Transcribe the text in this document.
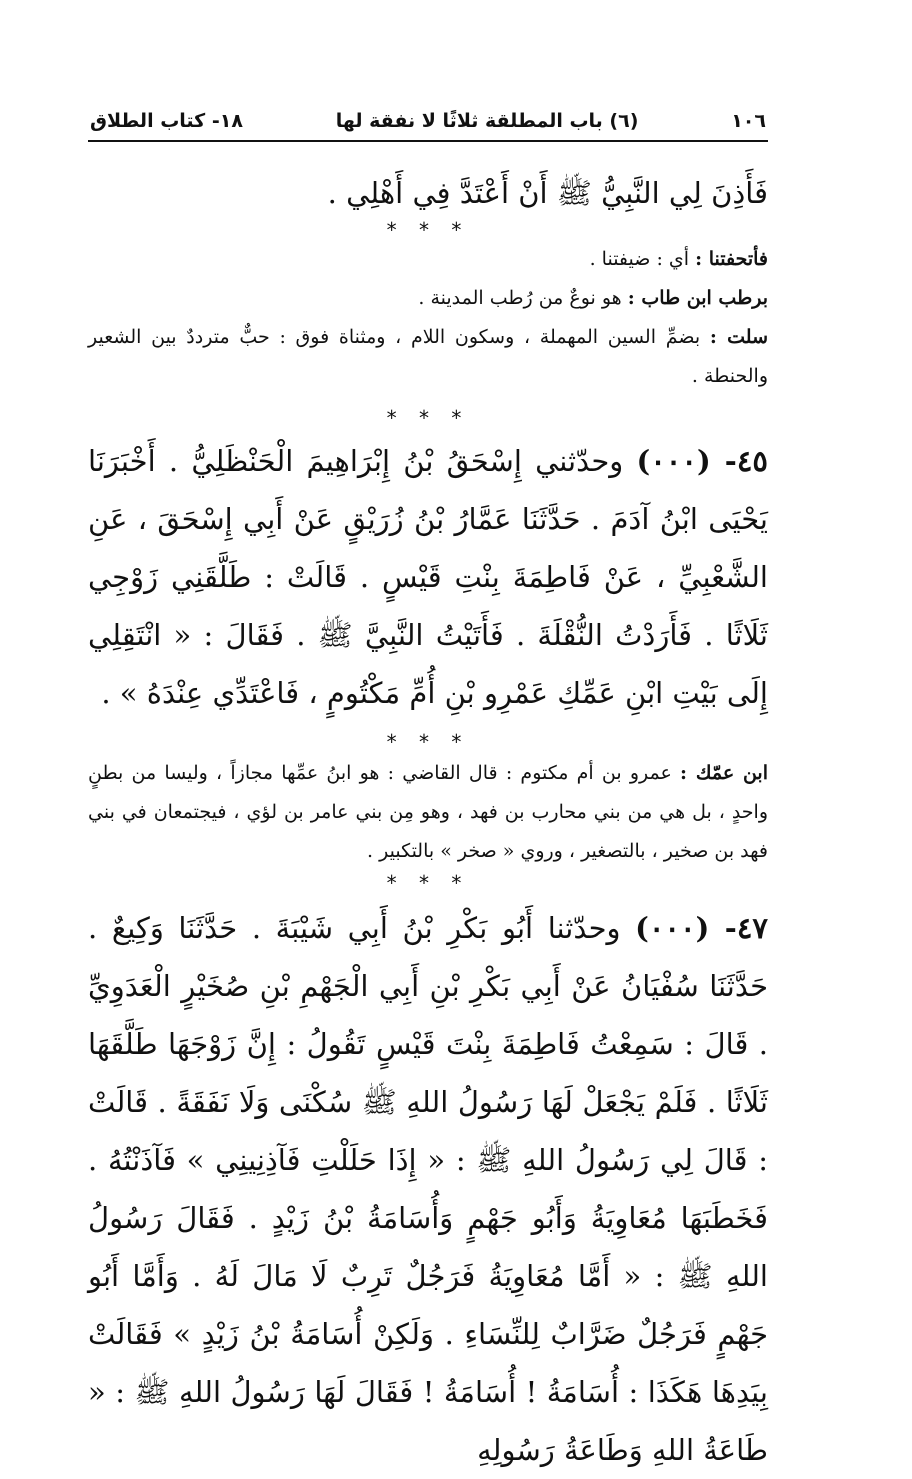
١٠٦
(٦) باب المطلقة ثلاثًا لا نفقة لها
١٨- كتاب الطلاق

فَأَذِنَ لِي النَّبِيُّ ﷺ أَنْ أَعْتَدَّ فِي أَهْلِي .

* * *

فأتحفتنا : أي : ضيفتنا .

برطب ابن طاب : هو نوعٌ من رُطب المدينة .

سلت : بضمِّ السين المهملة ، وسكون اللام ، ومثناة فوق : حبٌّ مترددٌ بين الشعير والحنطة .

* * *

٤٥- (٠٠٠) وحدّثني إِسْحَقُ بْنُ إِبْرَاهِيمَ الْحَنْظَلِيُّ . أَخْبَرَنَا يَحْيَى ابْنُ آدَمَ . حَدَّثَنَا عَمَّارُ بْنُ زُرَيْقٍ عَنْ أَبِي إِسْحَقَ ، عَنِ الشَّعْبِيِّ ، عَنْ فَاطِمَةَ بِنْتِ قَيْسٍ . قَالَتْ : طَلَّقَنِي زَوْجِي ثَلَاثًا . فَأَرَدْتُ النُّقْلَةَ . فَأَتَيْتُ النَّبِيَّ ﷺ . فَقَالَ : « انْتَقِلِي إِلَى بَيْتِ ابْنِ عَمِّكِ عَمْرِو بْنِ أُمِّ مَكْتُومٍ ، فَاعْتَدِّي عِنْدَهُ » .

* * *

ابن عمّك : عمرو بن أم مكتوم : قال القاضي : هو ابنُ عمِّها مجازاً ، وليسا من بطنٍ واحدٍ ، بل هي من بني محارب بن فهد ، وهو مِن بني عامر بن لؤي ، فيجتمعان في بني فهد بن صخير ، بالتصغير ، وروي « صخر » بالتكبير .

* * *

٤٧- (٠٠٠) وحدّثنا أَبُو بَكْرِ بْنُ أَبِي شَيْبَةَ . حَدَّثَنَا وَكِيعٌ . حَدَّثَنَا سُفْيَانُ عَنْ أَبِي بَكْرِ بْنِ أَبِي الْجَهْمِ بْنِ صُخَيْرٍ الْعَدَوِيِّ . قَالَ : سَمِعْتُ فَاطِمَةَ بِنْتَ قَيْسٍ تَقُولُ : إِنَّ زَوْجَهَا طَلَّقَهَا ثَلَاثًا . فَلَمْ يَجْعَلْ لَهَا رَسُولُ اللهِ ﷺ سُكْنَى وَلَا نَفَقَةً . قَالَتْ : قَالَ لِي رَسُولُ اللهِ ﷺ : « إِذَا حَلَلْتِ فَآذِنِينِي » فَآذَنْتُهُ . فَخَطَبَهَا مُعَاوِيَةُ وَأَبُو جَهْمٍ وَأُسَامَةُ بْنُ زَيْدٍ . فَقَالَ رَسُولُ اللهِ ﷺ : « أَمَّا مُعَاوِيَةُ فَرَجُلٌ تَرِبٌ لَا مَالَ لَهُ . وَأَمَّا أَبُو جَهْمٍ فَرَجُلٌ ضَرَّابٌ لِلنِّسَاءِ . وَلَكِنْ أُسَامَةُ بْنُ زَيْدٍ » فَقَالَتْ بِيَدِهَا هَكَذَا : أُسَامَةُ ! أُسَامَةُ ! فَقَالَ لَهَا رَسُولُ اللهِ ﷺ : « طَاعَةُ اللهِ وَطَاعَةُ رَسُولِهِ
